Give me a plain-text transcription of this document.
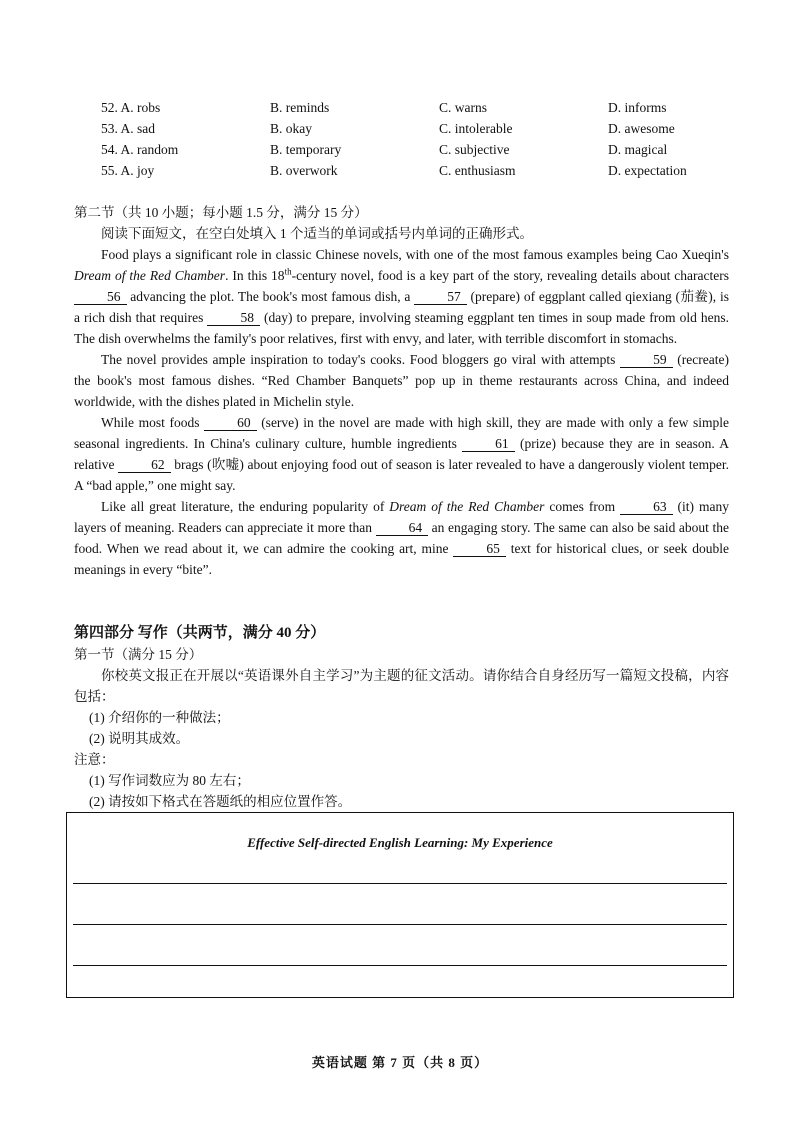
52. A. robs	B. reminds	C. warns	D. informs
53. A. sad	B. okay	C. intolerable	D. awesome
54. A. random	B. temporary	C. subjective	D. magical
55. A. joy	B. overwork	C. enthusiasm	D. expectation
第二节（共 10 小题；每小题 1.5 分，满分 15 分）
阅读下面短文，在空白处填入 1 个适当的单词或括号内单词的正确形式。
Food plays a significant role in classic Chinese novels, with one of the most famous examples being Cao Xueqin's Dream of the Red Chamber. In this 18th-century novel, food is a key part of the story, revealing details about characters 56 advancing the plot. The book's most famous dish, a 57 (prepare) of eggplant called qiexiang (茄鲞), is a rich dish that requires 58 (day) to prepare, involving steaming eggplant ten times in soup made from old hens. The dish overwhelms the family's poor relatives, first with envy, and later, with terrible discomfort in stomachs.
The novel provides ample inspiration to today's cooks. Food bloggers go viral with attempts 59 (recreate) the book's most famous dishes. “Red Chamber Banquets” pop up in theme restaurants across China, and indeed worldwide, with the dishes plated in Michelin style.
While most foods 60 (serve) in the novel are made with high skill, they are made with only a few simple seasonal ingredients. In China's culinary culture, humble ingredients 61 (prize) because they are in season. A relative 62 brags (吹嘘) about enjoying food out of season is later revealed to have a dangerously violent temper. A “bad apple,” one might say.
Like all great literature, the enduring popularity of Dream of the Red Chamber comes from 63 (it) many layers of meaning. Readers can appreciate it more than 64 an engaging story. The same can also be said about the food. When we read about it, we can admire the cooking art, mine 65 text for historical clues, or seek double meanings in every “bite”.
第四部分 写作（共两节，满分 40 分）
第一节（满分 15 分）
你校英文报正在开展以“英语课外自主学习”为主题的征文活动。请你结合自身经历写一篇短文投稿，内容包括：
(1) 介绍你的一种做法；
(2) 说明其成效。
注意：
(1) 写作词数应为 80 左右；
(2) 请按如下格式在答题纸的相应位置作答。
Effective Self-directed English Learning: My Experience
英语试题 第 7 页（共 8 页）
